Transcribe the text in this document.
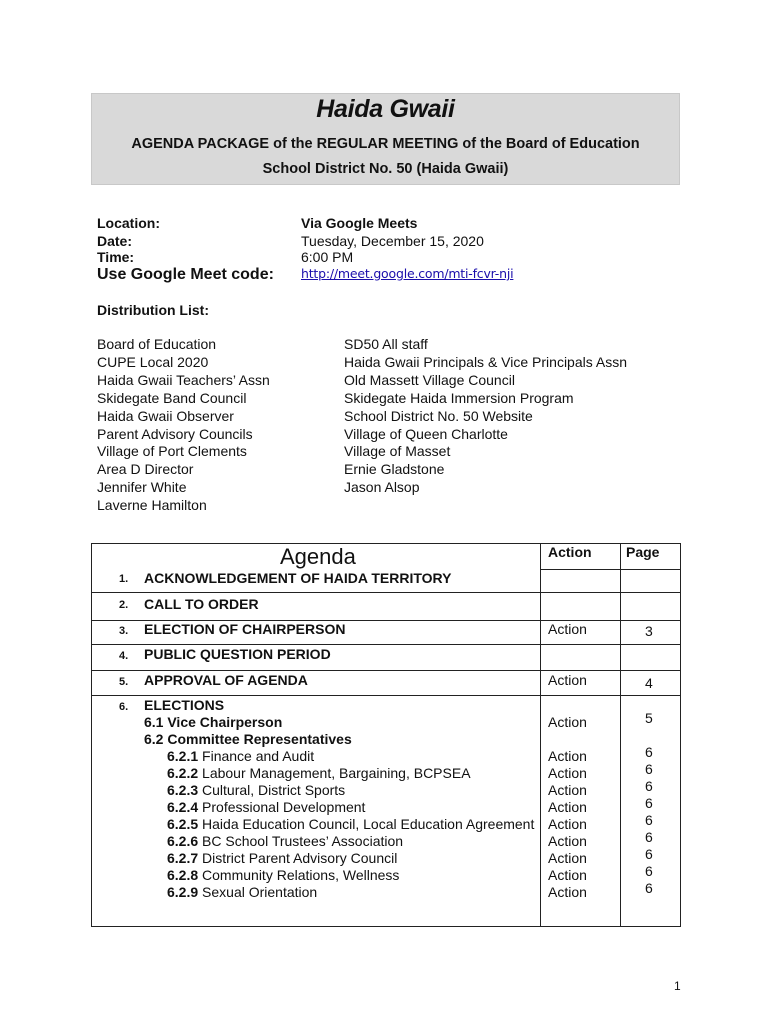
Haida Gwaii
AGENDA PACKAGE of the REGULAR MEETING of the Board of Education
School District No. 50 (Haida Gwaii)
Location:	Via Google Meets
Date:	Tuesday, December 15, 2020
Time:	6:00 PM
Use Google Meet code: http://meet.google.com/mti-fcvr-nji
Distribution List:
Board of Education
CUPE Local 2020
Haida Gwaii Teachers’ Assn
Skidegate Band Council
Haida Gwaii Observer
Parent Advisory Councils
Village of Port Clements
Area D Director
Jennifer White
Laverne Hamilton
SD50 All staff
Haida Gwaii Principals & Vice Principals Assn
Old Massett Village Council
Skidegate Haida Immersion Program
School District No. 50 Website
Village of Queen Charlotte
Village of Masset
Ernie Gladstone
Jason Alsop
Agenda	Action Page
1. ACKNOWLEDGEMENT OF HAIDA TERRITORY
2. CALL TO ORDER
3. ELECTION OF CHAIRPERSON	Action	3
4. PUBLIC QUESTION PERIOD
5. APPROVAL OF AGENDA	Action	4
6. ELECTIONS
6.1 Vice Chairperson	Action	5
6.2 Committee Representatives
6.2.1 Finance and Audit	Action	6
6.2.2 Labour Management, Bargaining, BCPSEA	Action	6
6.2.3 Cultural, District Sports	Action	6
6.2.4 Professional Development	Action	6
6.2.5 Haida Education Council, Local Education Agreement Action	6
6.2.6 BC School Trustees’ Association	Action	6
6.2.7 District Parent Advisory Council	Action	6
6.2.8 Community Relations, Wellness	Action	6
6.2.9 Sexual Orientation	Action	6
1
